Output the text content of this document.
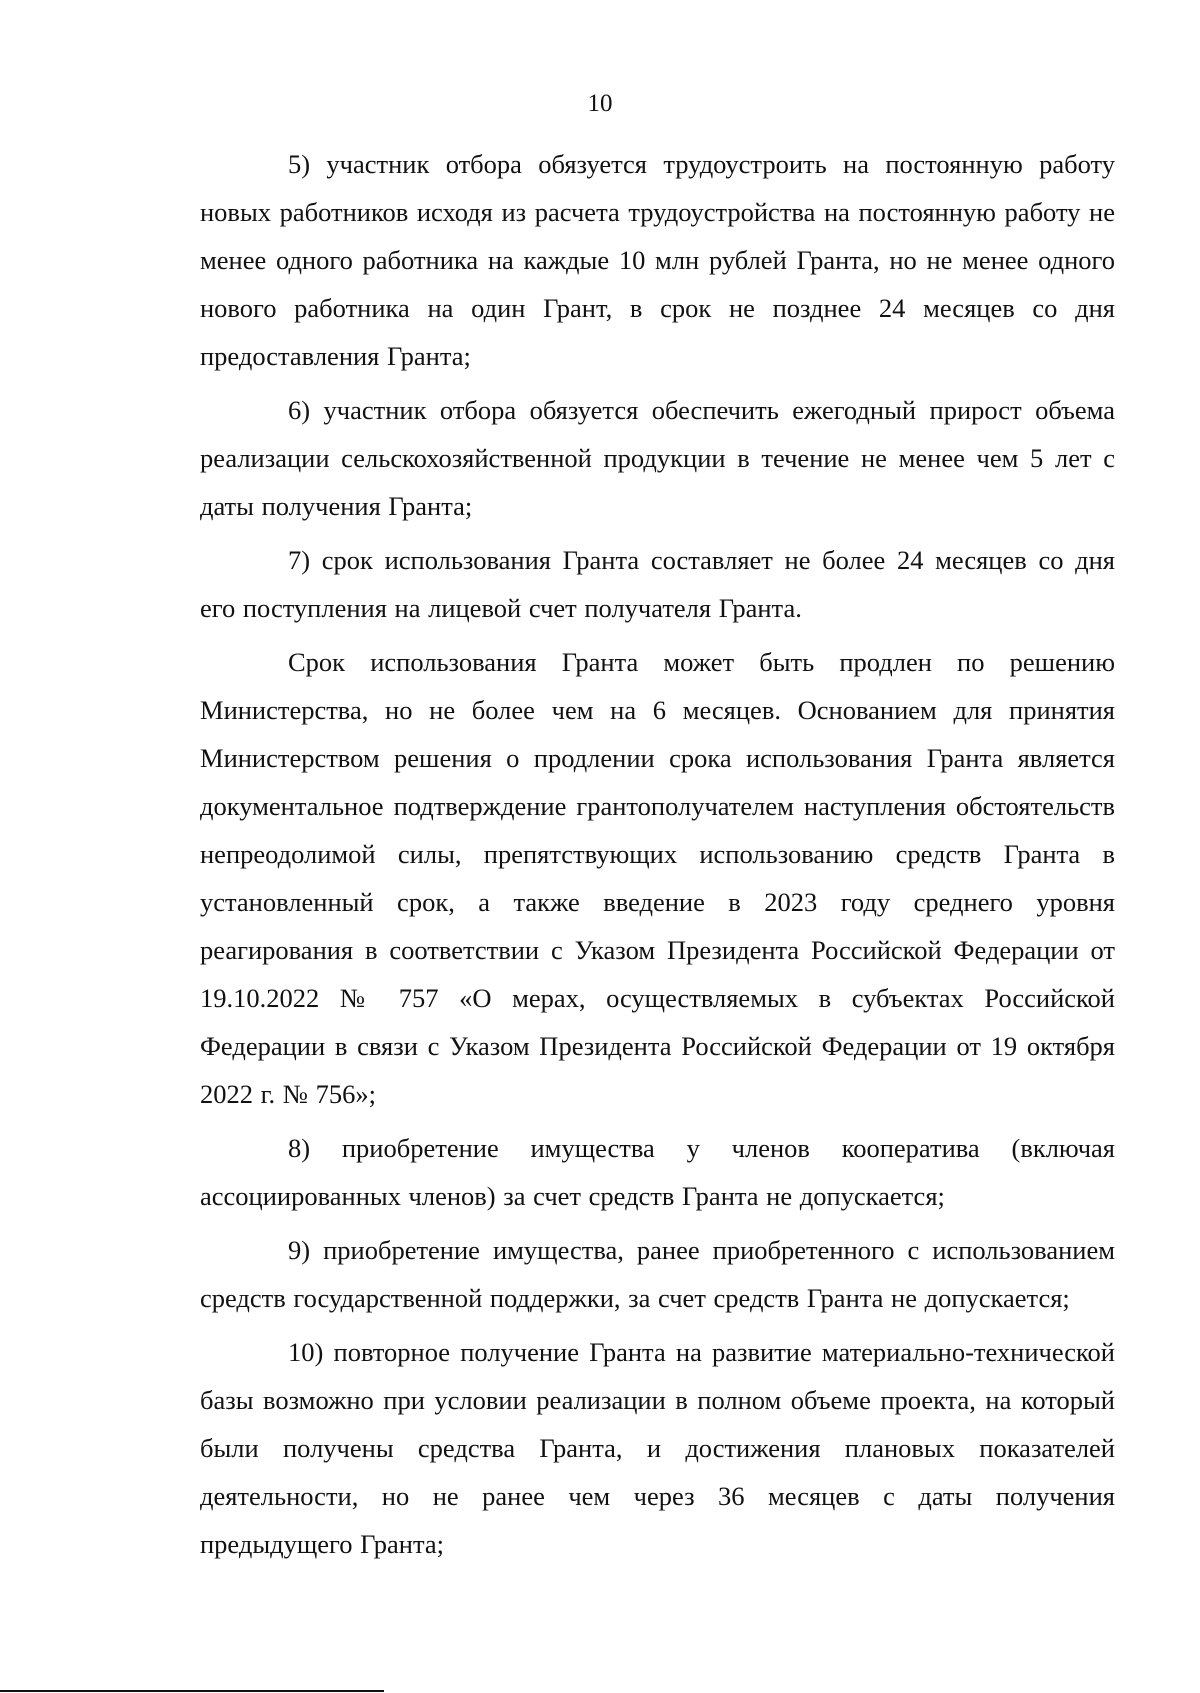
10

5) участник отбора обязуется трудоустроить на постоянную работу новых работников исходя из расчета трудоустройства на постоянную работу не менее одного работника на каждые 10 млн рублей Гранта, но не менее одного нового работника на один Грант, в срок не позднее 24 месяцев со дня предоставления Гранта;

6) участник отбора обязуется обеспечить ежегодный прирост объема реализации сельскохозяйственной продукции в течение не менее чем 5 лет с даты получения Гранта;

7) срок использования Гранта составляет не более 24 месяцев со дня его поступления на лицевой счет получателя Гранта.

Срок использования Гранта может быть продлен по решению Министерства, но не более чем на 6 месяцев. Основанием для принятия Министерством решения о продлении срока использования Гранта является документальное подтверждение грантополучателем наступления обстоятельств непреодолимой силы, препятствующих использованию средств Гранта в установленный срок, а также введение в 2023 году среднего уровня реагирования в соответствии с Указом Президента Российской Федерации от 19.10.2022 № 757 «О мерах, осуществляемых в субъектах Российской Федерации в связи с Указом Президента Российской Федерации от 19 октября 2022 г. № 756»;

8) приобретение имущества у членов кооператива (включая ассоциированных членов) за счет средств Гранта не допускается;

9) приобретение имущества, ранее приобретенного с использованием средств государственной поддержки, за счет средств Гранта не допускается;

10) повторное получение Гранта на развитие материально-технической базы возможно при условии реализации в полном объеме проекта, на который были получены средства Гранта, и достижения плановых показателей деятельности, но не ранее чем через 36 месяцев с даты получения предыдущего Гранта;
